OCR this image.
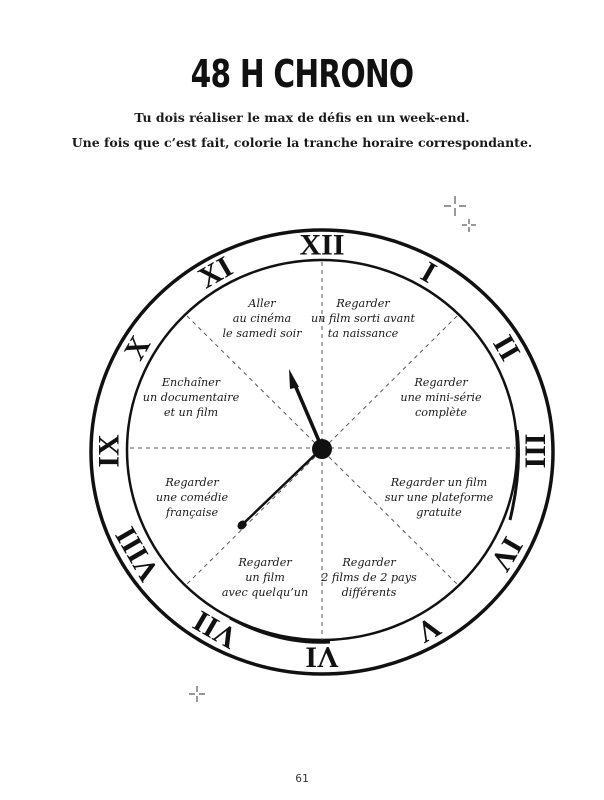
48 H CHRONO
Tu dois réaliser le max de défis en un week-end.
Une fois que c’est fait, colorie la tranche horaire correspondante.
XII
I
II
III
IV
V
VI
VII
VIII
IX
X
XI
Aller
au cinéma
le samedi soir
Regarder
un film sorti avant
ta naissance
Regarder
une mini-série
complète
Regarder un film
sur une plateforme
gratuite
Regarder
2 films de 2 pays
différents
Regarder
un film
avec quelqu’un
Regarder
une comédie
française
Enchaîner
un documentaire
et un film
61
